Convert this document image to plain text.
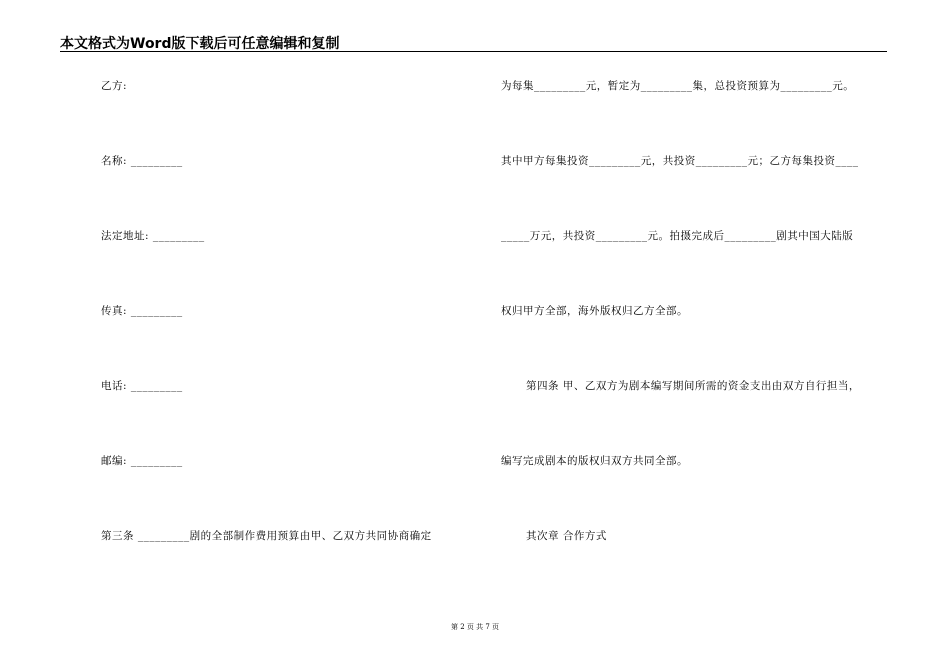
本文格式为Word版下载后可任意编辑和复制
乙方:
名称: _________
法定地址: _________
传真: _________
电话: _________
邮编: _________
第三条 _________剧的全部制作费用预算由甲、乙双方共同协商确定
为每集_________元，暂定为_________集，总投资预算为_________元。
其中甲方每集投资_________元，共投资_________元；乙方每集投资____
_____万元，共投资_________元。拍摄完成后_________剧其中国大陆版
权归甲方全部，海外版权归乙方全部。
第四条 甲、乙双方为剧本编写期间所需的资金支出由双方自行担当，
编写完成剧本的版权归双方共同全部。
其次章 合作方式
第 2 页 共 7 页
